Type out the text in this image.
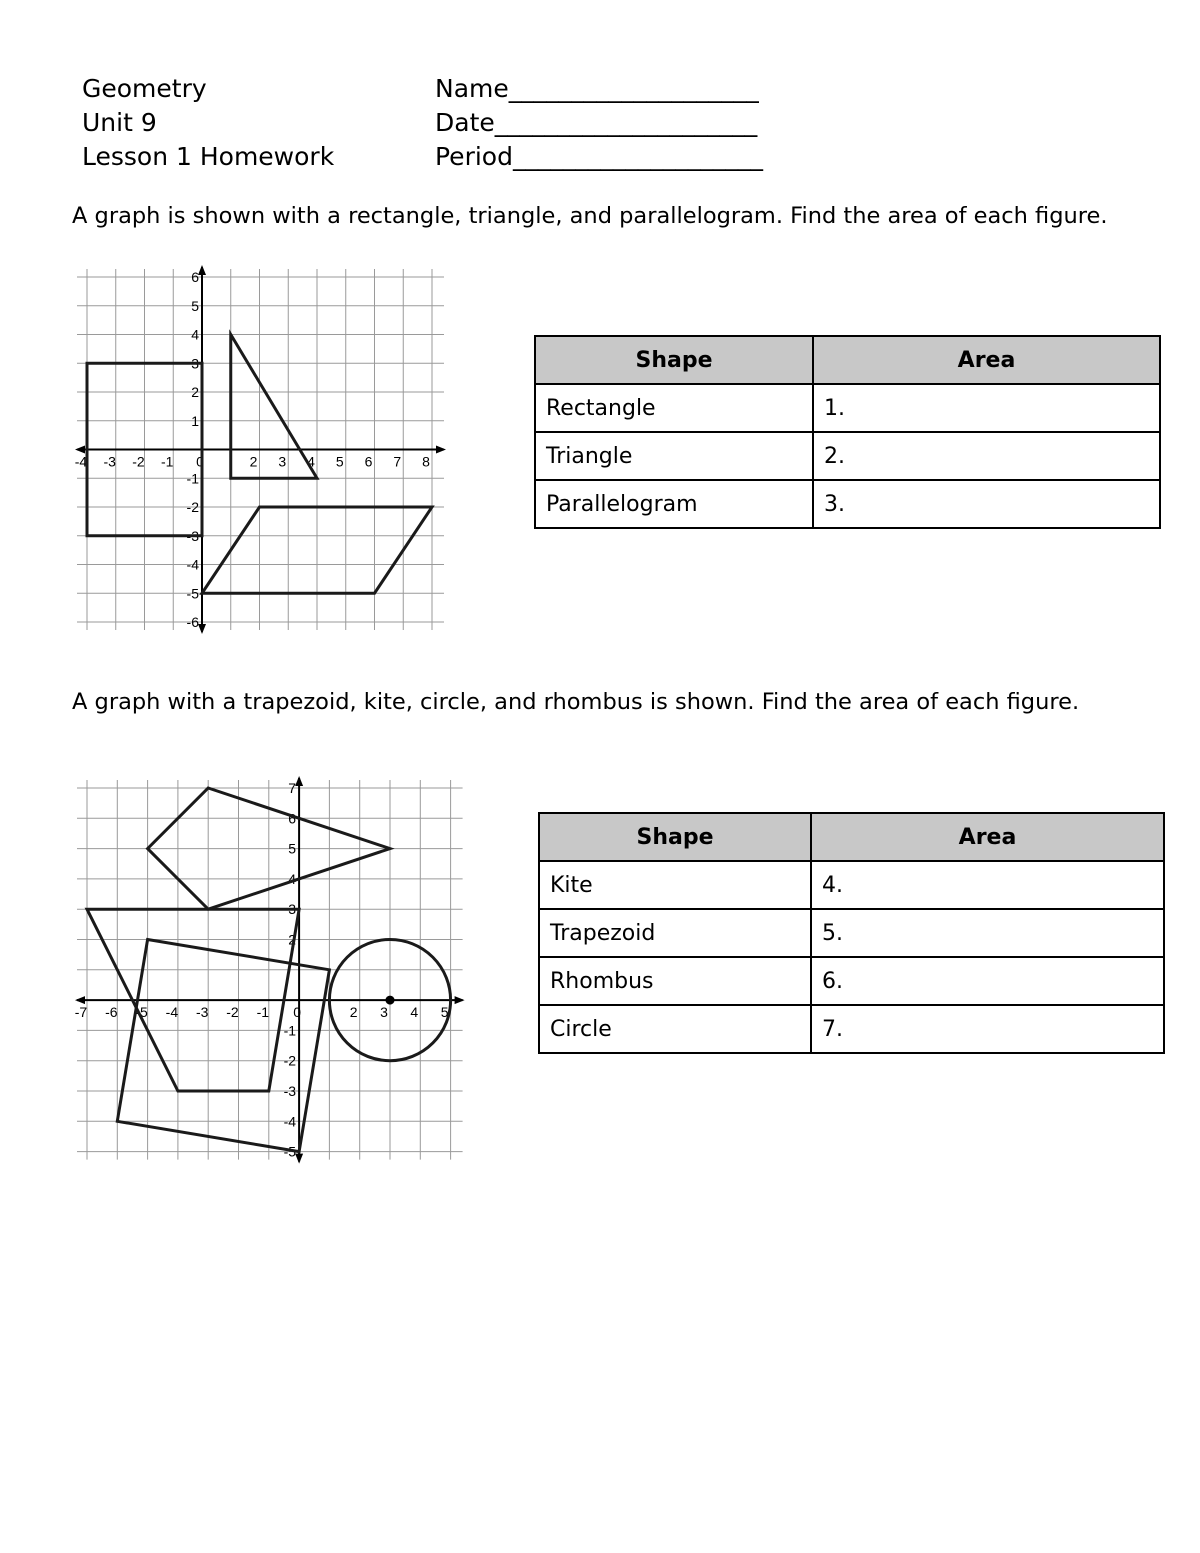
Geometry	Name____________________
Unit 9	Date_____________________
Lesson 1 Homework	Period____________________
A graph is shown with a rectangle, triangle, and parallelogram. Find the area of each figure.
-4 -3 -2 -1 0	2 3 4 5 6 7 8
6
5
4
3
2
1
-1
-2
-3
-4
-5
-6
Shape	Area
Rectangle	1.
Triangle	2.
Parallelogram	3.
A graph with a trapezoid, kite, circle, and rhombus is shown. Find the area of each figure.
-7 -6 -5 -4 -3 -2 -1 0	2 3 4 5
7
6
5
4
3
2
-1
-2
-3
-4
-5
Shape	Area
Kite	4.
Trapezoid	5.
Rhombus	6.
Circle	7.
